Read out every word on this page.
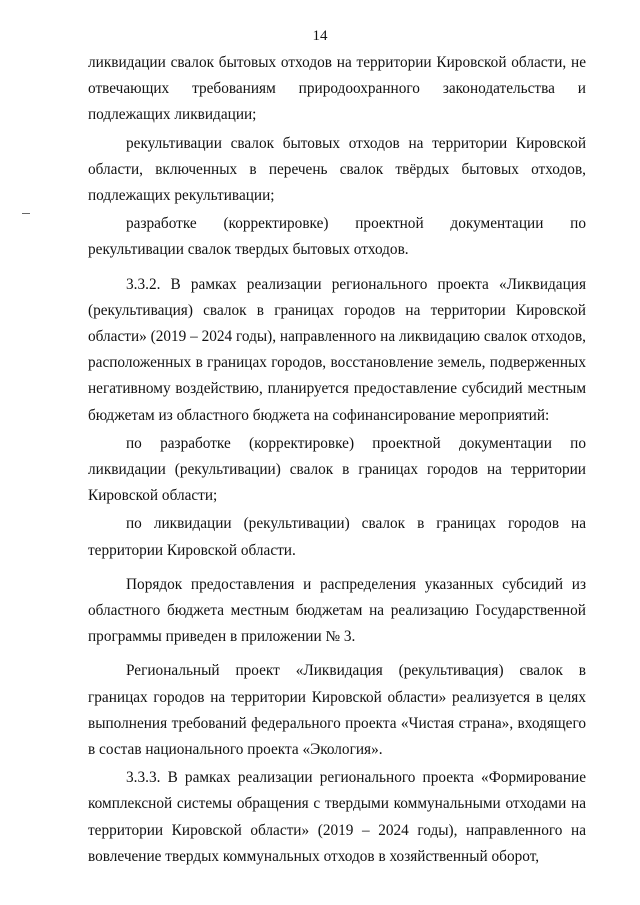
14

ликвидации свалок бытовых отходов на территории Кировской области, не отвечающих требованиям природоохранного законодательства и подлежащих ликвидации;

рекультивации свалок бытовых отходов на территории Кировской области, включенных в перечень свалок твёрдых бытовых отходов, подлежащих рекультивации;

разработке (корректировке) проектной документации по рекультивации свалок твердых бытовых отходов.

3.3.2. В рамках реализации регионального проекта «Ликвидация (рекультивация) свалок в границах городов на территории Кировской области» (2019 – 2024 годы), направленного на ликвидацию свалок отходов, расположенных в границах городов, восстановление земель, подверженных негативному воздействию, планируется предоставление субсидий местным бюджетам из областного бюджета на софинансирование мероприятий:

по разработке (корректировке) проектной документации по ликвидации (рекультивации) свалок в границах городов на территории Кировской области;

по ликвидации (рекультивации) свалок в границах городов на территории Кировской области.

Порядок предоставления и распределения указанных субсидий из областного бюджета местным бюджетам на реализацию Государственной программы приведен в приложении № 3.

Региональный проект «Ликвидация (рекультивация) свалок в границах городов на территории Кировской области» реализуется в целях выполнения требований федерального проекта «Чистая страна», входящего в состав национального проекта «Экология».

3.3.3. В рамках реализации регионального проекта «Формирование комплексной системы обращения с твердыми коммунальными отходами на территории Кировской области» (2019 – 2024 годы), направленного на вовлечение твердых коммунальных отходов в хозяйственный оборот,
